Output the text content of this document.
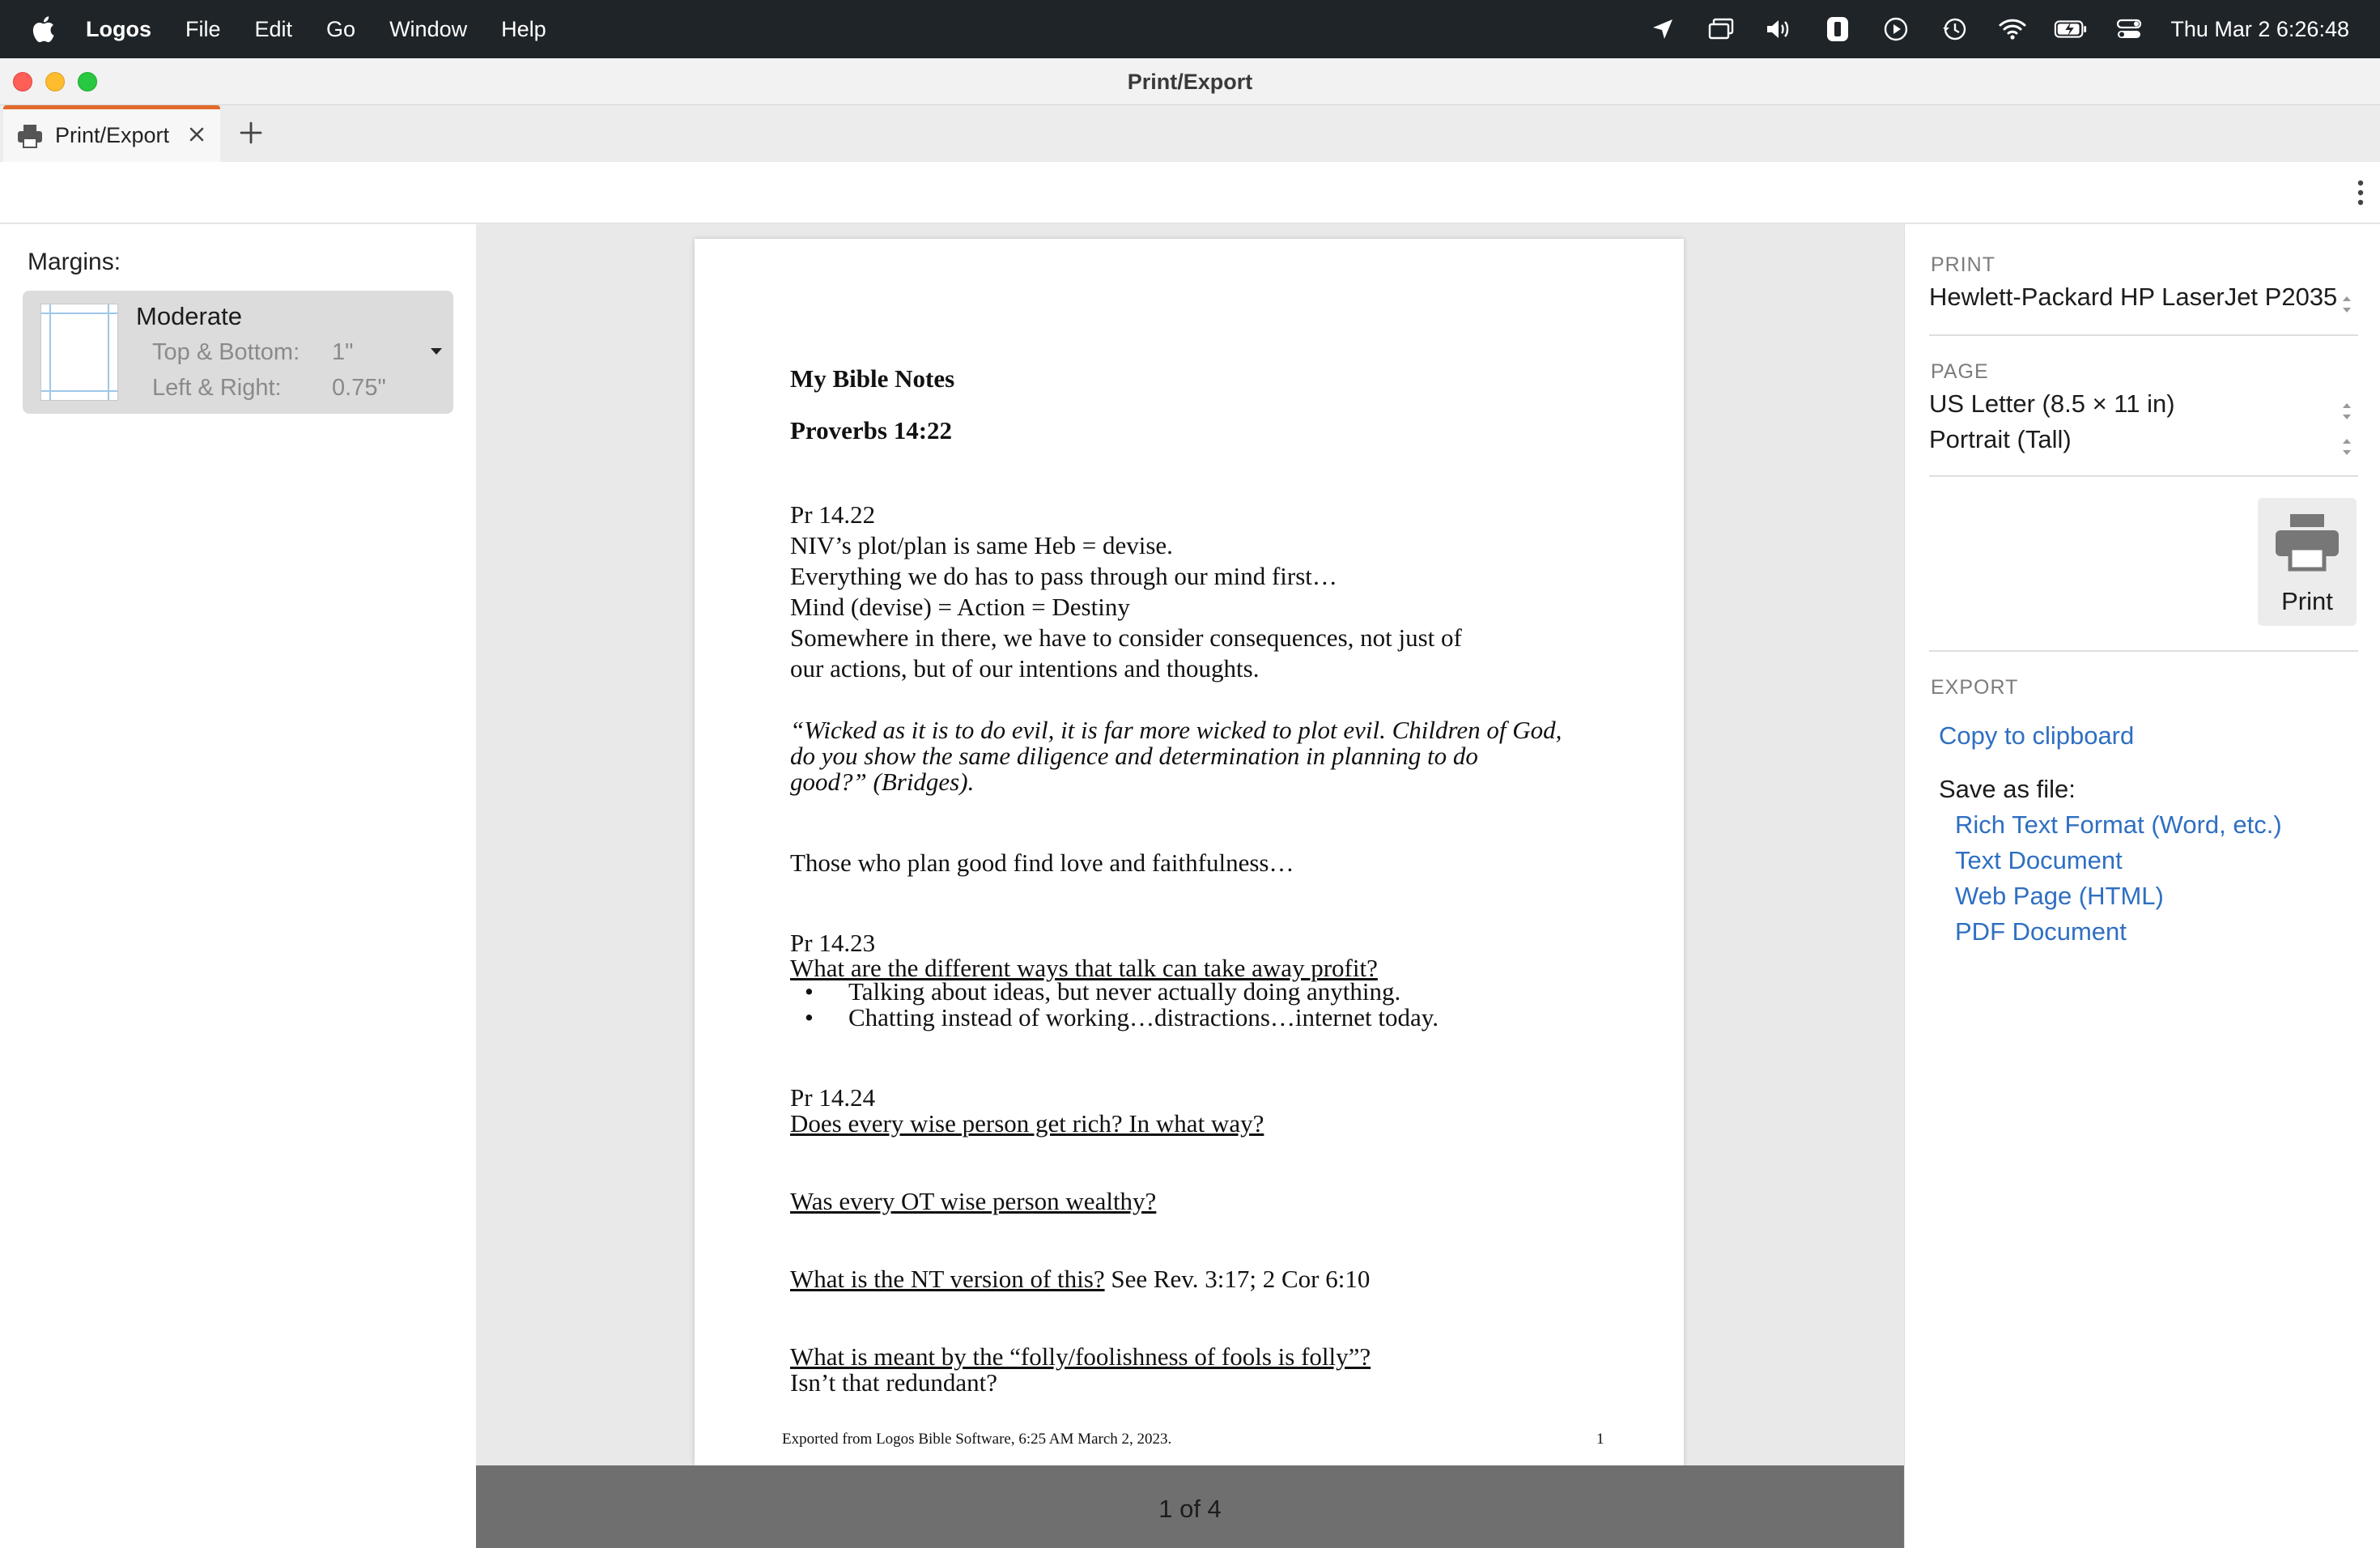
Logos File Edit Go Window Help	Thu Mar 2 6:26:48
Print/Export
Print/Export
Margins:
Moderate
Top & Bottom: 1"
Left & Right: 0.75"	My Bible Notes
Proverbs 14:22
Pr 14.22
NIV’s plot/plan is same Heb = devise.
Everything we do has to pass through our mind first…
Mind (devise) = Action = Destiny
Somewhere in there, we have to consider consequences, not just of
our actions, but of our intentions and thoughts.
“Wicked as it is to do evil, it is far more wicked to plot evil. Children of God,
do you show the same diligence and determination in planning to do
good?” (Bridges).
Those who plan good find love and faithfulness…
Pr 14.23
What are the different ways that talk can take away profit?
• Talking about ideas, but never actually doing anything.
• Chatting instead of working…distractions…internet today.
Pr 14.24
Does every wise person get rich? In what way?
Was every OT wise person wealthy?
What is the NT version of this? See Rev. 3:17; 2 Cor 6:10
What is meant by the “folly/foolishness of fools is folly”?
Isn’t that redundant?
Exported from Logos Bible Software, 6:25 AM March 2, 2023.	1
1 of 4
PRINT
Hewlett-Packard HP LaserJet P2035
PAGE
US Letter (8.5 × 11 in)
Portrait (Tall)
Print
EXPORT
Copy to clipboard
Save as file:
Rich Text Format (Word, etc.)
Text Document
Web Page (HTML)
PDF Document
